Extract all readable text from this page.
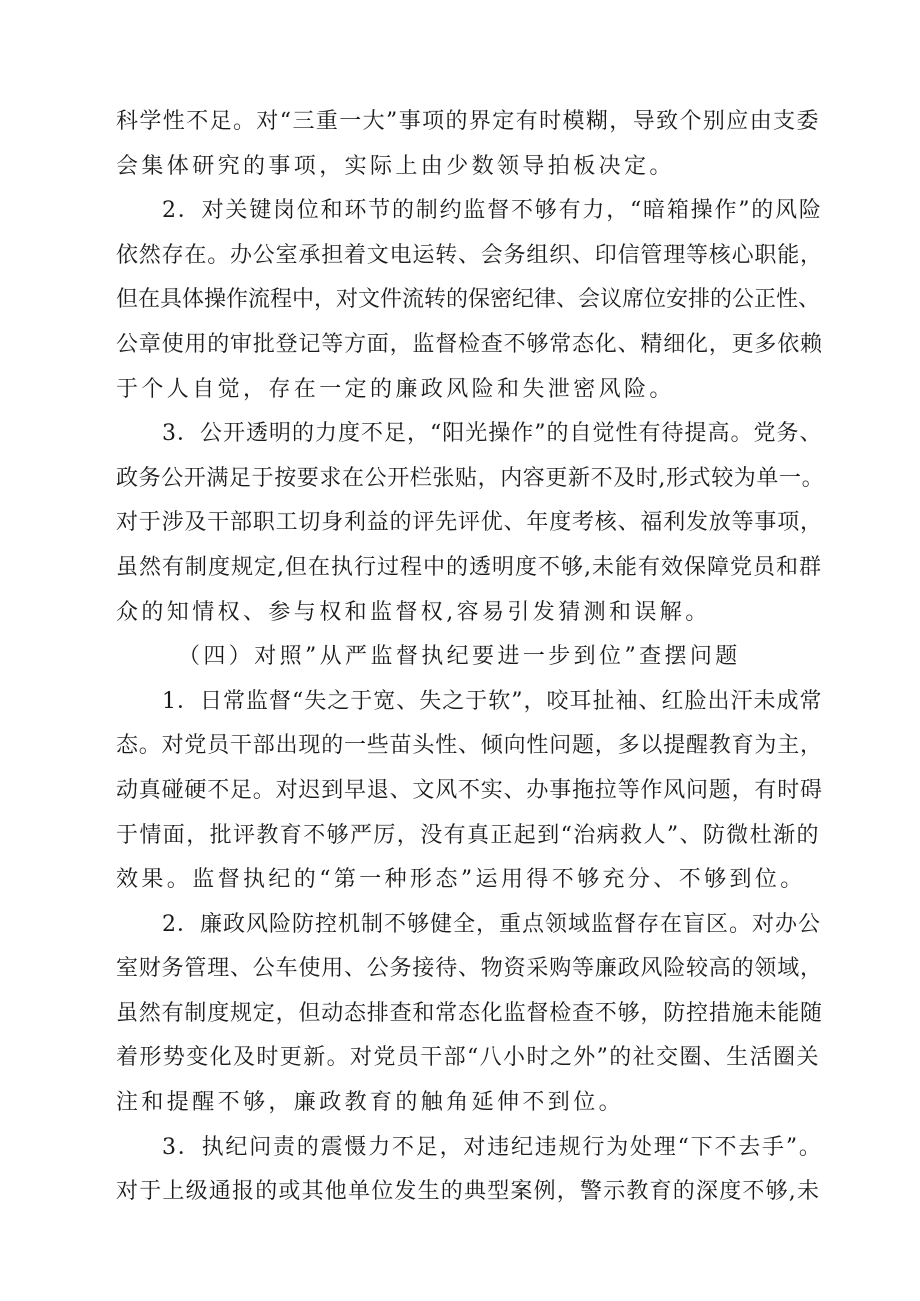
科学性不足。对“三重一大”事项的界定有时模糊，导致个别应由支委
会集体研究的事项，实际上由少数领导拍板决定。
2．对关键岗位和环节的制约监督不够有力，“暗箱操作”的风险
依然存在。办公室承担着文电运转、会务组织、印信管理等核心职能，
但在具体操作流程中，对文件流转的保密纪律、会议席位安排的公正性、
公章使用的审批登记等方面，监督检查不够常态化、精细化，更多依赖
于个人自觉，存在一定的廉政风险和失泄密风险。
3．公开透明的力度不足，“阳光操作”的自觉性有待提高。党务、
政务公开满足于按要求在公开栏张贴，内容更新不及时,形式较为单一。
对于涉及干部职工切身利益的评先评优、年度考核、福利发放等事项，
虽然有制度规定,但在执行过程中的透明度不够,未能有效保障党员和群
众的知情权、参与权和监督权,容易引发猜测和误解。
（四）对照”从严监督执纪要进一步到位”查摆问题
1．日常监督“失之于宽、失之于软”，咬耳扯袖、红脸出汗未成常
态。对党员干部出现的一些苗头性、倾向性问题，多以提醒教育为主，
动真碰硬不足。对迟到早退、文风不实、办事拖拉等作风问题，有时碍
于情面，批评教育不够严厉，没有真正起到“治病救人”、防微杜渐的
效果。监督执纪的“第一种形态”运用得不够充分、不够到位。
2．廉政风险防控机制不够健全，重点领域监督存在盲区。对办公
室财务管理、公车使用、公务接待、物资采购等廉政风险较高的领域，
虽然有制度规定，但动态排查和常态化监督检查不够，防控措施未能随
着形势变化及时更新。对党员干部“八小时之外”的社交圈、生活圈关
注和提醒不够，廉政教育的触角延伸不到位。
3．执纪问责的震慑力不足，对违纪违规行为处理“下不去手”。
对于上级通报的或其他单位发生的典型案例，警示教育的深度不够,未
